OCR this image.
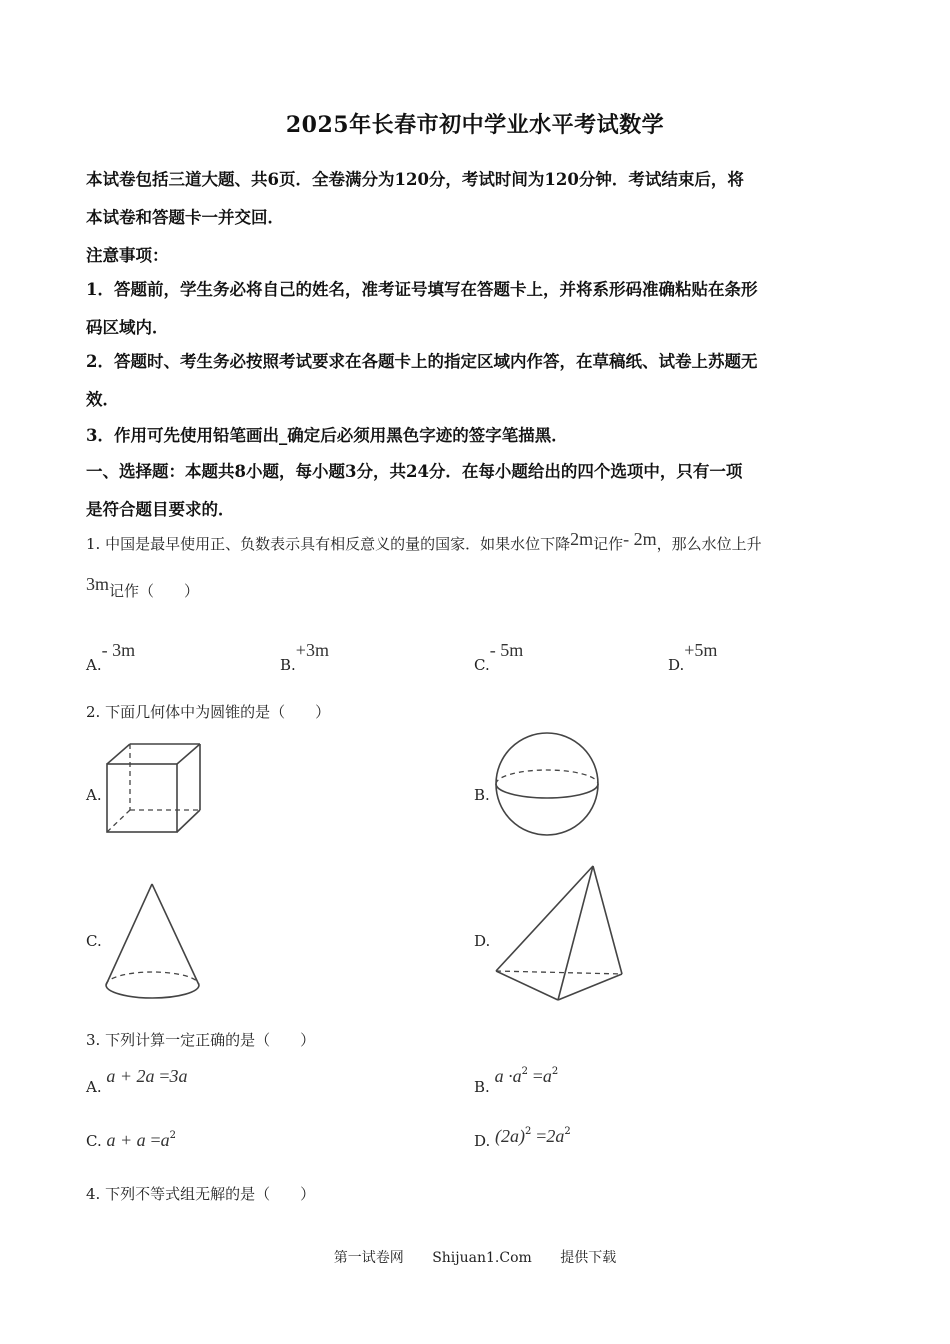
2025年长春市初中学业水平考试数学
本试卷包括三道大题、共6页．全卷满分为120分，考试时间为120分钟．考试结束后，将
本试卷和答题卡一并交回．
注意事项：
1．答题前，学生务必将自己的姓名，准考证号填写在答题卡上，并将系形码准确粘贴在条形
码区域内．
2．答题时、考生务必按照考试要求在各题卡上的指定区域内作答，在草稿纸、试卷上苏题无
效．
3．作用可先使用铅笔画出_确定后必须用黑色字迹的签字笔描黑．
一、选择题：本题共8小题，每小题3分，共24分．在每小题给出的四个选项中，只有一项
是符合题目要求的．
1. 中国是最早使用正、负数表示具有相反意义的量的国家．如果水位下降2m记作- 2m，那么水位上升
3m记作（　　）
A.- 3m
B.+3m
C.- 5m
D.+5m
2. 下面几何体中为圆锥的是（　　）
A.	B.
C.	D.
3. 下列计算一定正确的是（　　）
A. a + 2a =3a
B. $a \cdot a^2 =a^2$
C. $a + a =a^2$	D. $(2a)^2 =2a^2$
4. 下列不等式组无解的是（　　）
第一试卷网 Shijuan1.Com 提供下载
